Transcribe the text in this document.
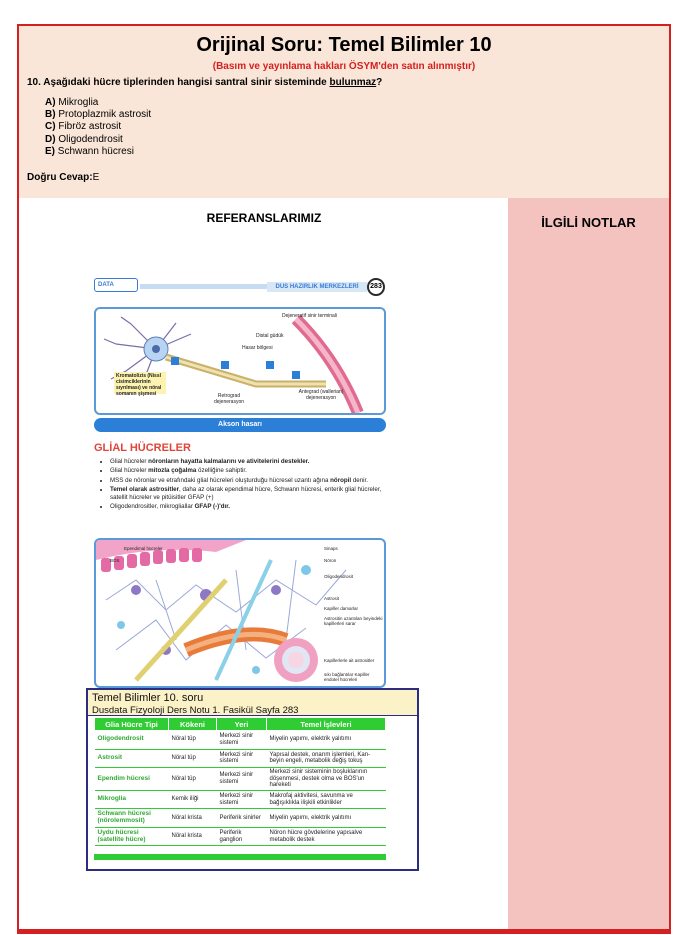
Orijinal Soru: Temel Bilimler 10
(Basım ve yayınlama hakları ÖSYM'den satın alınmıştır)
10. Aşağıdaki hücre tiplerinden hangisi santral sinir sisteminde bulunmaz?
A) Mikroglia
B) Protoplazmik astrosit
C) Fibröz astrosit
D) Oligodendrosit
E) Schwann hücresi
Doğru Cevap:E
İLGİLİ NOTLAR
REFERANSLARIMIZ
DATA	DUS HAZIRLIK MERKEZLERİ	283
Dejeneratif sinir terminali
Distal güdük
Hasar bölgesi
Kromatolizis (Nissl cisimciklerinin sıyrılması) ve nöral somanın şişmesi	Retrograd dejenerasyon
Antegrad (wallerian) dejenerasyon
Akson hasarı
GLİAL HÜCRELER
• Glial hücreler nöronların hayatta kalmalarını ve ativitelerini destekler.
• Glial hücreler mitozla çoğalma özelliğine sahiptir.
• MSS de nöronlar ve etrafındaki glial hücreleri oluşturduğu hücresel uzantı ağına nöropil denir.
• Temel olarak astrositler, daha az olarak ependimal hücre, Schwann hücresi, enterik glial hücreler, satellit hücreler ve pitüisitler GFAP (+)
• Oligodendrositler, mikrogliallar GFAP (-)'dır.
Ependimal hücreler
BOS
Sinaps
Nöron
Oligodendrosit
Astrosit
Kapiller damarlar
Astrositin uzantıları beyindeki kapillerleri sarar
Kapillerlerle ait astrositler
sıkı bağlantılar Kapiller endotel hücreleri
Temel Bilimler 10. soru
Dusdata Fizyoloji Ders Notu 1. Fasikül Sayfa 283
Glia Hücre Tipi	Kökeni	Yeri	Temel İşlevleri
Oligodendrosit	Nöral tüp	Merkezi sinir sistemi	Miyelin yapımı, elektrik yalıtımı
Astrosit	Nöral tüp	Merkezi sinir sistemi	Yapısal destek, onarım işlemleri, Kan-beyin engeli, metabolik değiş tokuş
Ependim hücresi	Nöral tüp	Merkezi sinir sistemi	Merkezi sinir sisteminin boşluklarının döşenmesi, destek olma ve BOS'un hareketi
Mikroglia	Kemik iliği	Merkezi sinir sistemi	Makrofaj aktivitesi, savunma ve bağışıklıkla ilişkili etkinlikler
Schwann hücresi (nörolemmosit)	Nöral krista	Periferik sinirler	Miyelin yapımı, elektrik yalıtımı
Uydu hücresi (satellite hücre)	Nöral krista	Periferik ganglion	Nöron hücre gövdelerine yapısalve metabolik destek
